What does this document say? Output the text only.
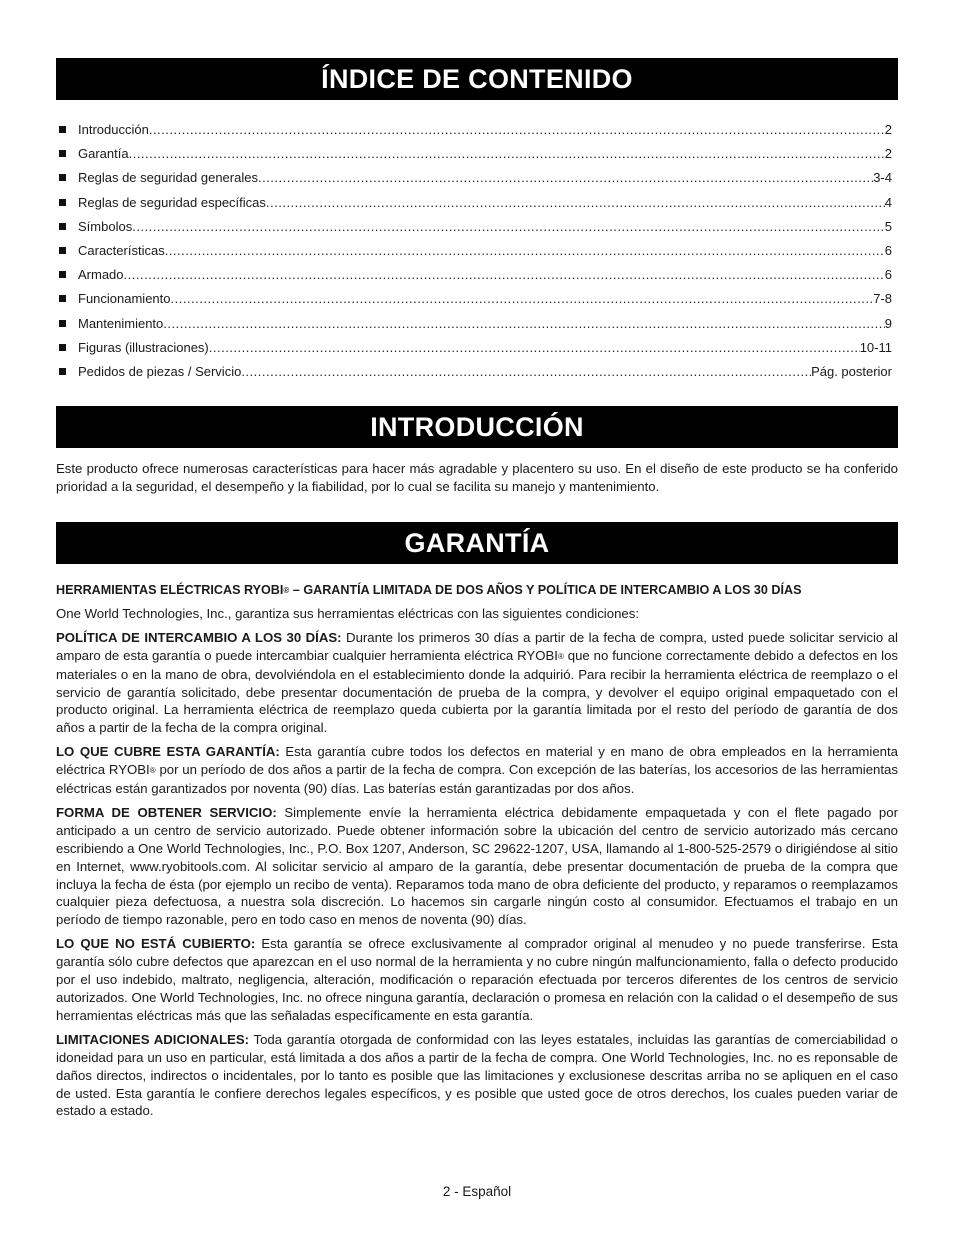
ÍNDICE DE CONTENIDO
Introducción .....	2
Garantía .....	2
Reglas de seguridad generales .....	3-4
Reglas de seguridad específicas .....	4
Símbolos .....	5
Características .....	6
Armado .....	6
Funcionamiento .....	7-8
Mantenimiento .....	9
Figuras (illustraciones) .....	10-11
Pedidos de piezas / Servicio .....	Pág. posterior
INTRODUCCIÓN

Este producto ofrece numerosas características para hacer más agradable y placentero su uso. En el diseño de este producto se ha conferido prioridad a la seguridad, el desempeño y la fiabilidad, por lo cual se facilita su manejo y mantenimiento.

GARANTÍA

HERRAMIENTAS ELÉCTRICAS RYOBI® – GARANTÍA LIMITADA DE DOS AÑOS Y POLÍTICA DE INTERCAMBIO A LOS 30 DÍAS

One World Technologies, Inc., garantiza sus herramientas eléctricas con las siguientes condiciones:

POLÍTICA DE INTERCAMBIO A LOS 30 DÍAS: Durante los primeros 30 días a partir de la fecha de compra, usted puede solicitar servicio al amparo de esta garantía o puede intercambiar cualquier herramienta eléctrica RYOBI® que no funcione correctamente debido a defectos en los materiales o en la mano de obra, devolviéndola en el establecimiento donde la adquirió. Para recibir la herramienta eléctrica de reemplazo o el servicio de garantía solicitado, debe presentar documentación de prueba de la compra, y devolver el equipo original empaquetado con el producto original. La herramienta eléctrica de reemplazo queda cubierta por la garantía limitada por el resto del período de garantía de dos años a partir de la fecha de la compra original.

LO QUE CUBRE ESTA GARANTÍA: Esta garantía cubre todos los defectos en material y en mano de obra empleados en la herramienta eléctrica RYOBI® por un período de dos años a partir de la fecha de compra. Con excepción de las baterías, los accesorios de las herramientas eléctricas están garantizados por noventa (90) días. Las baterías están garantizadas por dos años.

FORMA DE OBTENER SERVICIO: Simplemente envíe la herramienta eléctrica debidamente empaquetada y con el flete pagado por anticipado a un centro de servicio autorizado. Puede obtener información sobre la ubicación del centro de servicio autorizado más cercano escribiendo a One World Technologies, Inc., P.O. Box 1207, Anderson, SC 29622-1207, USA, llamando al 1-800-525-2579 o dirigiéndose al sitio en Internet, www.ryobitools.com. Al solicitar servicio al amparo de la garantía, debe presentar documentación de prueba de la compra que incluya la fecha de ésta (por ejemplo un recibo de venta). Reparamos toda mano de obra deficiente del producto, y reparamos o reemplazamos cualquier pieza defectuosa, a nuestra sola discreción. Lo hacemos sin cargarle ningún costo al consumidor. Efectuamos el trabajo en un período de tiempo razonable, pero en todo caso en menos de noventa (90) días.

LO QUE NO ESTÁ CUBIERTO: Esta garantía se ofrece exclusivamente al comprador original al menudeo y no puede transferirse. Esta garantía sólo cubre defectos que aparezcan en el uso normal de la herramienta y no cubre ningún malfuncionamiento, falla o defecto producido por el uso indebido, maltrato, negligencia, alteración, modificación o reparación efectuada por terceros diferentes de los centros de servicio autorizados. One World Technologies, Inc. no ofrece ninguna garantía, declaración o promesa en relación con la calidad o el desempeño de sus herramientas eléctricas más que las señaladas específicamente en esta garantía.

LIMITACIONES ADICIONALES: Toda garantía otorgada de conformidad con las leyes estatales, incluidas las garantías de comerciabilidad o idoneidad para un uso en particular, está limitada a dos años a partir de la fecha de compra. One World Technologies, Inc. no es reponsable de daños directos, indirectos o incidentales, por lo tanto es posible que las limitaciones y exclusionese descritas arriba no se apliquen en el caso de usted. Esta garantía le confiere derechos legales específicos, y es posible que usted goce de otros derechos, los cuales pueden variar de estado a estado.

2 - Español
